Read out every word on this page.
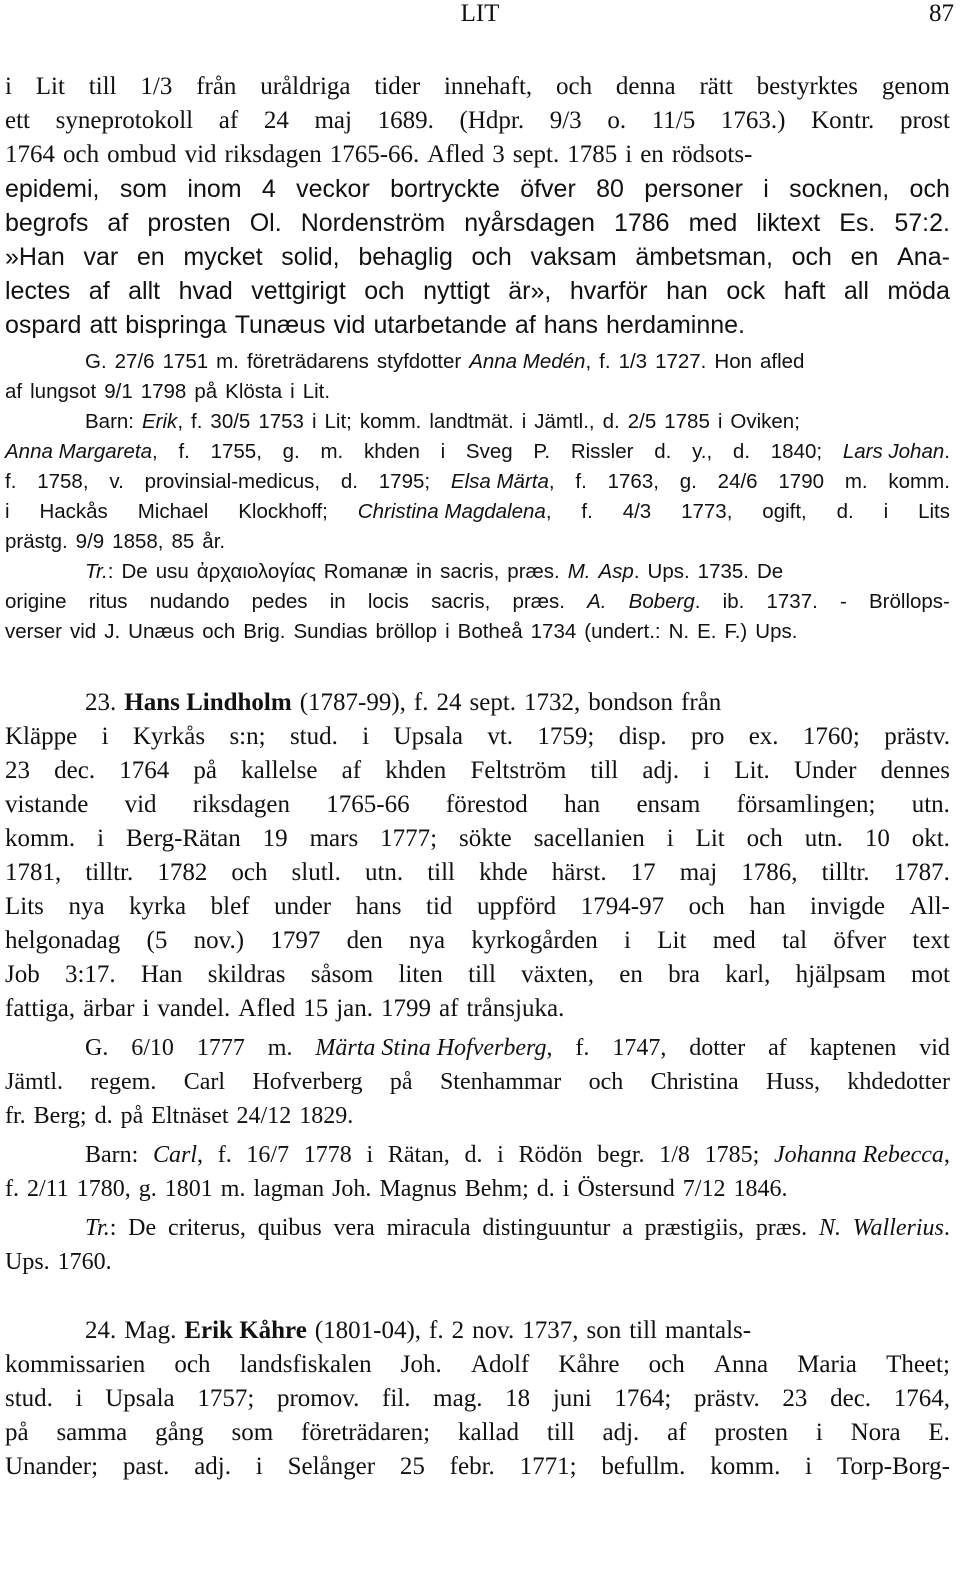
LIT	87
i Lit till 1/3 från uråldriga tider innehaft, och denna rätt bestyrktes genom
ett syneprotokoll af 24 maj 1689. (Hdpr. 9/3 o. 11/5 1763.) Kontr. prost
1764 och ombud vid riksdagen 1765-66. Afled 3 sept. 1785 i en rödsots-
epidemi, som inom 4 veckor bortryckte öfver 80 personer i socknen, och
begrofs af prosten Ol. Nordenström nyårsdagen 1786 med liktext Es. 57:2.
»Han var en mycket solid, behaglig och vaksam ämbetsman, och en Ana-
lectes af allt hvad vettgirigt och nyttigt är», hvarför han ock haft all möda
ospard att bispringa Tunæus vid utarbetande af hans herdaminne.
G. 27/6 1751 m. företrädarens styfdotter Anna Medén, f. 1/3 1727. Hon afled
af lungsot 9/1 1798 på Klösta i Lit.
Barn: Erik, f. 30/5 1753 i Lit; komm. landtmät. i Jämtl., d. 2/5 1785 i Oviken;
Anna Margareta, f. 1755, g. m. khden i Sveg P. Rissler d. y., d. 1840; Lars Johan.
f. 1758, v. provinsial-medicus, d. 1795; Elsa Märta, f. 1763, g. 24/6 1790 m. komm.
i Hackås Michael Klockhoff; Christina Magdalena, f. 4/3 1773, ogift, d. i Lits
prästg. 9/9 1858, 85 år.
Tr.: De usu ἀρχαιολογίας Romanæ in sacris, præs. M. Asp. Ups. 1735. De
origine ritus nudando pedes in locis sacris, præs. A. Boberg. ib. 1737. - Bröllops-
verser vid J. Unæus och Brig. Sundias bröllop i Botheå 1734 (undert.: N. E. F.) Ups.
23. Hans Lindholm (1787-99), f. 24 sept. 1732, bondson från
Kläppe i Kyrkås s:n; stud. i Upsala vt. 1759; disp. pro ex. 1760; prästv.
23 dec. 1764 på kallelse af khden Feltström till adj. i Lit. Under dennes
vistande vid riksdagen 1765-66 förestod han ensam församlingen; utn.
komm. i Berg-Rätan 19 mars 1777; sökte sacellanien i Lit och utn. 10 okt.
1781, tilltr. 1782 och slutl. utn. till khde härst. 17 maj 1786, tilltr. 1787.
Lits nya kyrka blef under hans tid uppförd 1794-97 och han invigde All-
helgonadag (5 nov.) 1797 den nya kyrkogården i Lit med tal öfver text
Job 3:17. Han skildras såsom liten till växten, en bra karl, hjälpsam mot
fattiga, ärbar i vandel. Afled 15 jan. 1799 af trånsjuka.
G. 6/10 1777 m. Märta Stina Hofverberg, f. 1747, dotter af kaptenen vid
Jämtl. regem. Carl Hofverberg på Stenhammar och Christina Huss, khdedotter
fr. Berg; d. på Eltnäset 24/12 1829.
Barn: Carl, f. 16/7 1778 i Rätan, d. i Rödön begr. 1/8 1785; Johanna Rebecca,
f. 2/11 1780, g. 1801 m. lagman Joh. Magnus Behm; d. i Östersund 7/12 1846.
Tr.: De criterus, quibus vera miracula distinguuntur a præstigiis, præs. N. Wallerius.
Ups. 1760.
24. Mag. Erik Kåhre (1801-04), f. 2 nov. 1737, son till mantals-
kommissarien och landsfiskalen Joh. Adolf Kåhre och Anna Maria Theet;
stud. i Upsala 1757; promov. fil. mag. 18 juni 1764; prästv. 23 dec. 1764,
på samma gång som företrädaren; kallad till adj. af prosten i Nora E.
Unander; past. adj. i Selånger 25 febr. 1771; befullm. komm. i Torp-Borg-
